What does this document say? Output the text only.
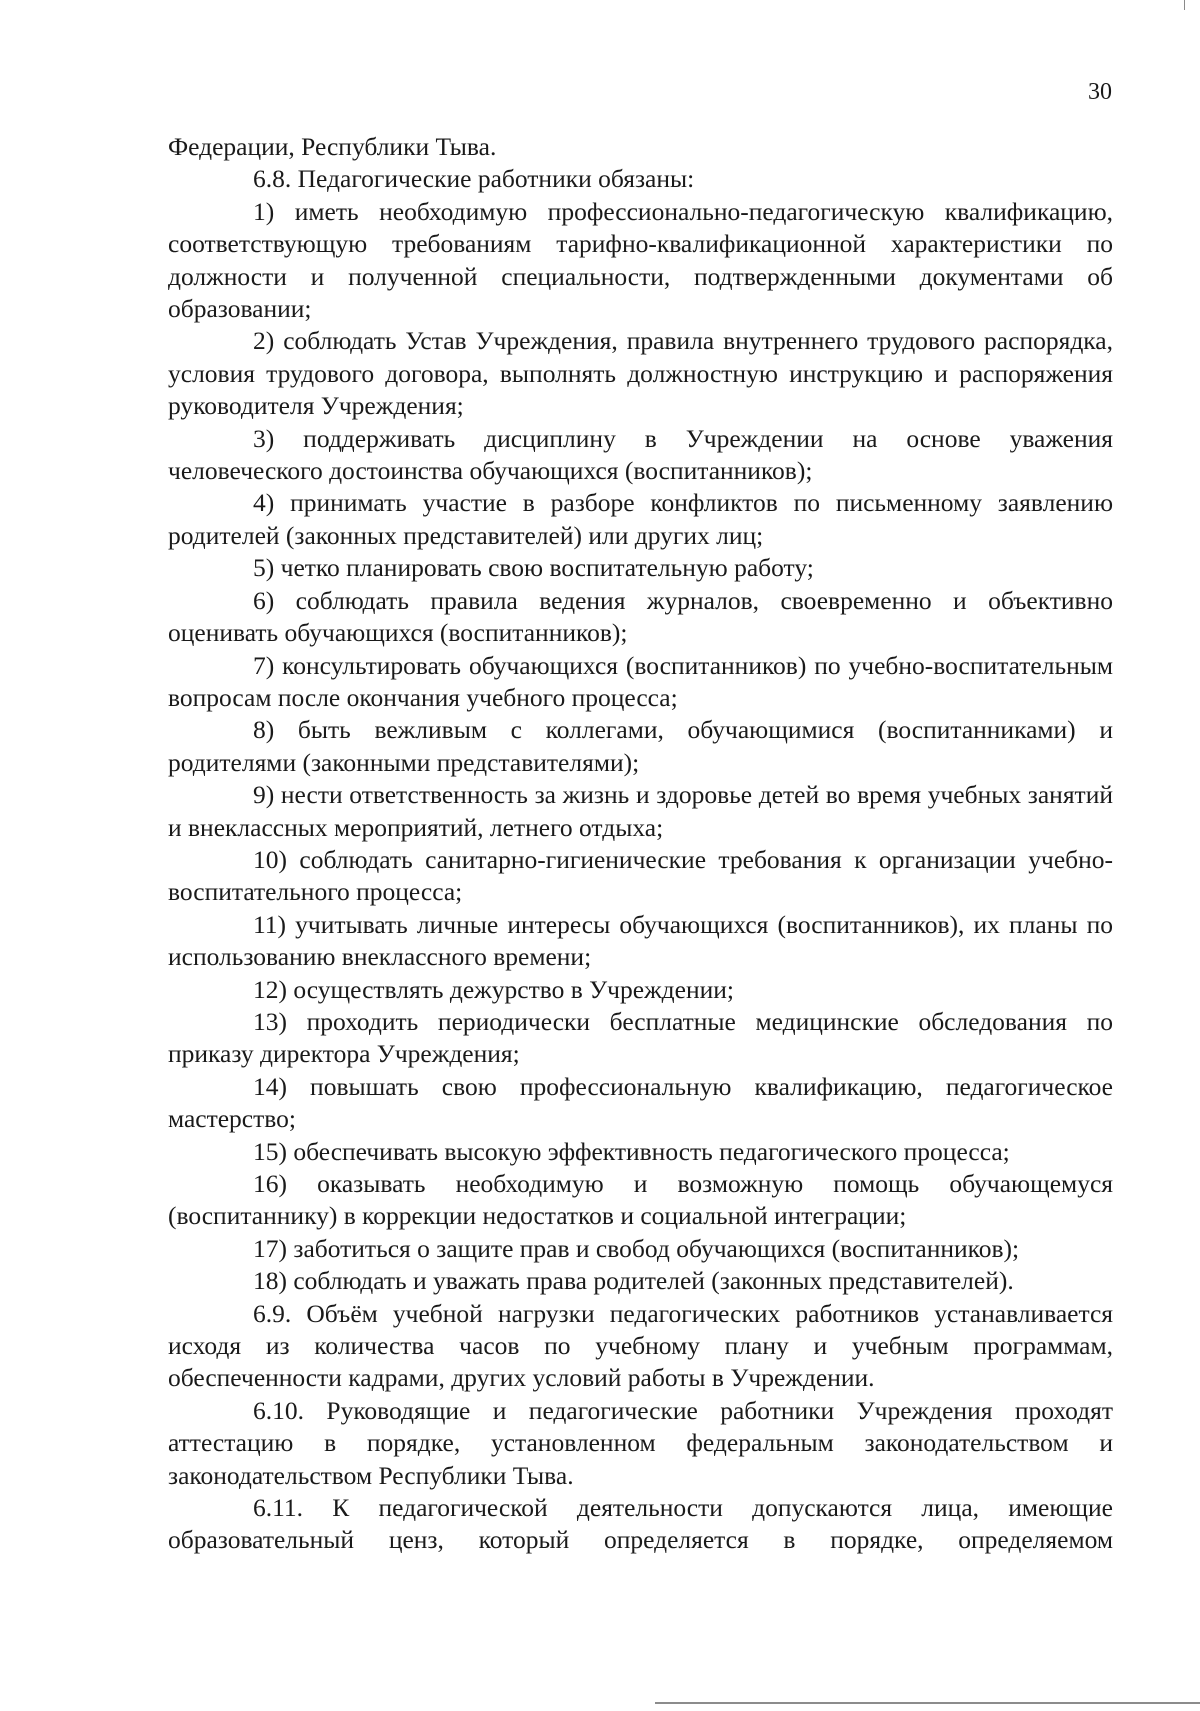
30

Федерации, Республики Тыва.

6.8. Педагогические работники обязаны:

1) иметь необходимую профессионально-педагогическую квалификацию, соответствующую требованиям тарифно-квалификационной характеристики по должности и полученной специальности, подтвержденными документами об образовании;

2) соблюдать Устав Учреждения, правила внутреннего трудового распорядка, условия трудового договора, выполнять должностную инструкцию и распоряжения руководителя Учреждения;

3) поддерживать дисциплину в Учреждении на основе уважения человеческого достоинства обучающихся (воспитанников);

4) принимать участие в разборе конфликтов по письменному заявлению родителей (законных представителей) или других лиц;

5) четко планировать свою воспитательную работу;

6) соблюдать правила ведения журналов, своевременно и объективно оценивать обучающихся (воспитанников);

7) консультировать обучающихся (воспитанников) по учебно-воспитательным вопросам после окончания учебного процесса;

8) быть вежливым с коллегами, обучающимися (воспитанниками) и родителями (законными представителями);

9) нести ответственность за жизнь и здоровье детей во время учебных занятий и внеклассных мероприятий, летнего отдыха;

10) соблюдать санитарно-гигиенические требования к организации учебно- воспитательного процесса;

11) учитывать личные интересы обучающихся (воспитанников), их планы по использованию внеклассного времени;

12) осуществлять дежурство в Учреждении;

13) проходить периодически бесплатные медицинские обследования по приказу директора Учреждения;

14) повышать свою профессиональную квалификацию, педагогическое мастерство;

15) обеспечивать высокую эффективность педагогического процесса;

16) оказывать необходимую и возможную помощь обучающемуся (воспитаннику) в коррекции недостатков и социальной интеграции;

17) заботиться о защите прав и свобод обучающихся (воспитанников);

18) соблюдать и уважать права родителей (законных представителей).

6.9. Объём учебной нагрузки педагогических работников устанавливается исходя из количества часов по учебному плану и учебным программам, обеспеченности кадрами, других условий работы в Учреждении.

6.10. Руководящие и педагогические работники Учреждения проходят аттестацию в порядке, установленном федеральным законодательством и законодательством Республики Тыва.

6.11. К педагогической деятельности допускаются лица, имеющие образовательный ценз, который определяется в порядке, определяемом
